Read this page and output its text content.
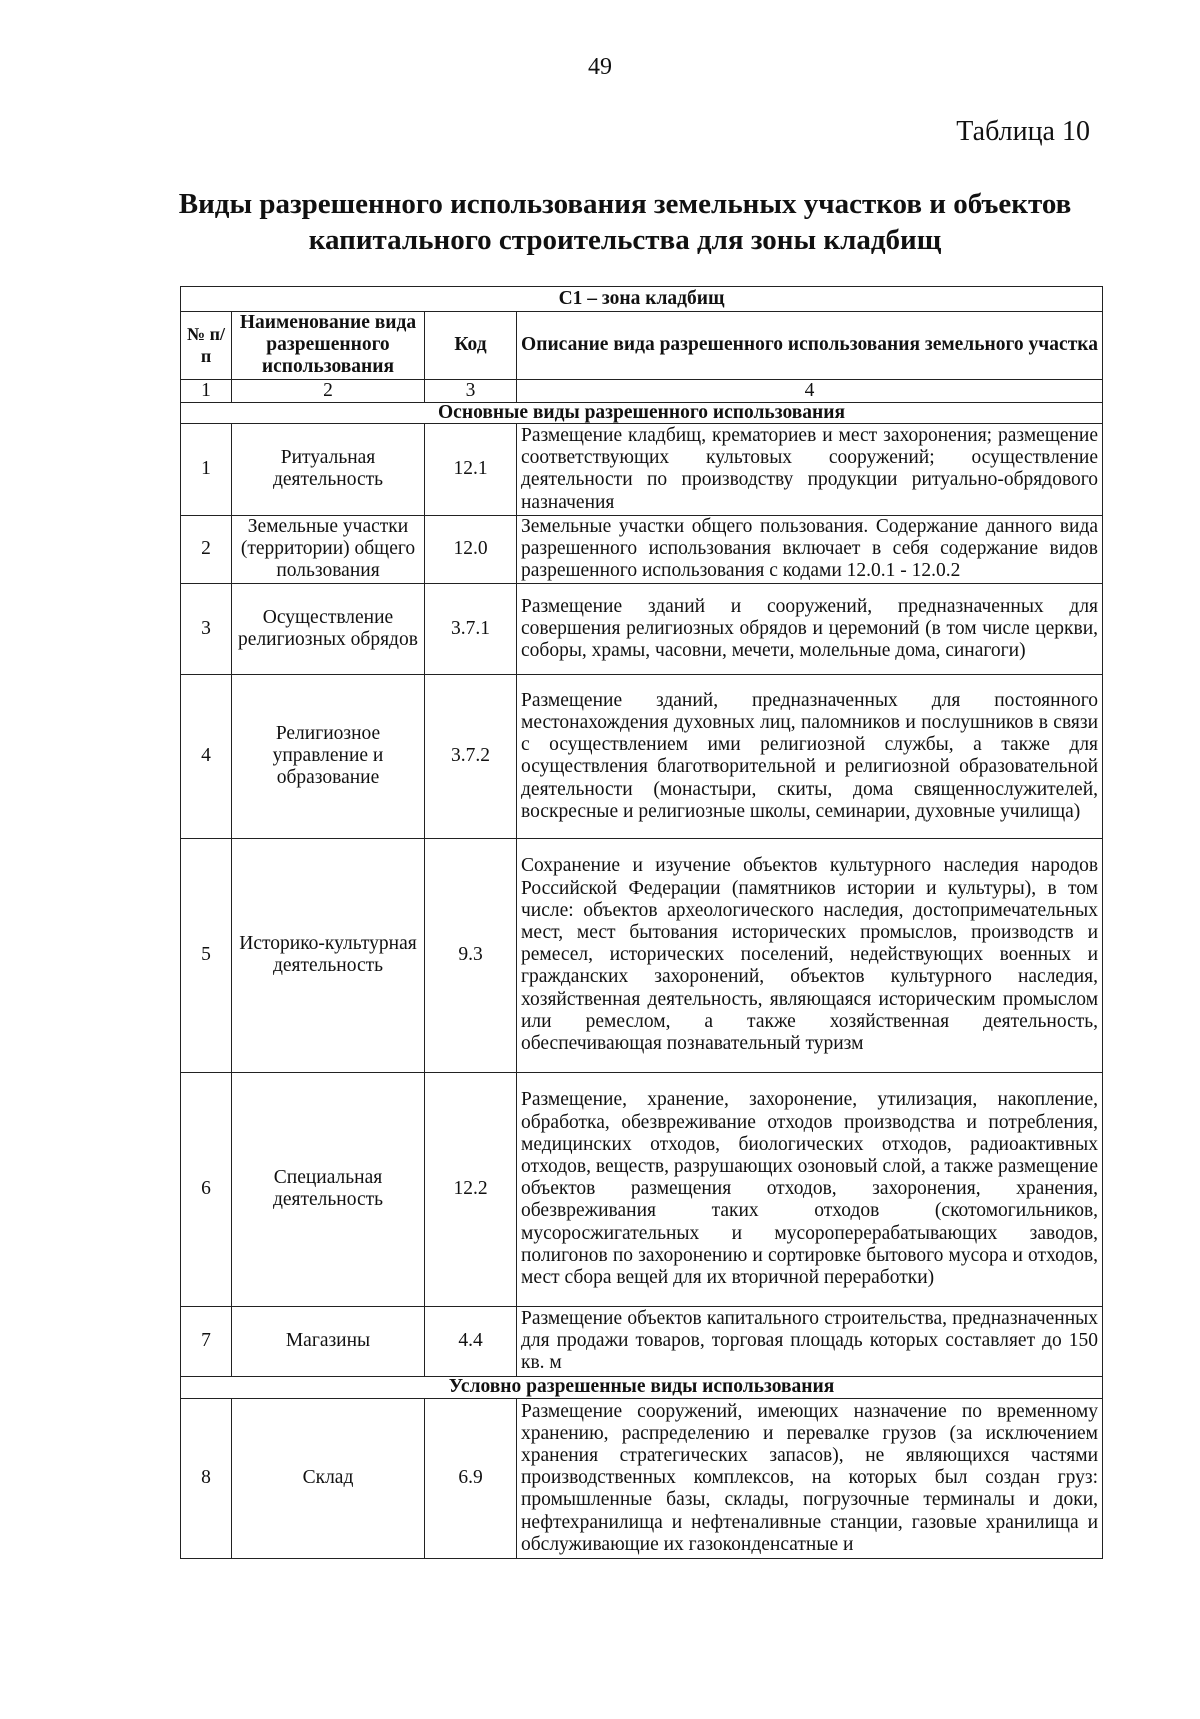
49
Таблица 10
Виды разрешенного использования земельных участков и объектов
капитального строительства для зоны кладбищ
С1 – зона кладбищ			
№ п/п	Наименование вида разрешенного использования	Код	Описание вида разрешенного использования земельного участка
1	2	3	4
Основные виды разрешенного использования			
1	Ритуальная деятельность	12.1	Размещение кладбищ, крематориев и мест захоронения; размещение соответствующих культовых сооружений; осуществление деятельности по производству продукции ритуально-обрядового назначения
2	Земельные участки (территории) общего пользования	12.0	Земельные участки общего пользования. Содержание данного вида разрешенного использования включает в себя содержание видов разрешенного использования с кодами 12.0.1 - 12.0.2
3	Осуществление религиозных обрядов	3.7.1	Размещение зданий и сооружений, предназначенных для совершения религиозных обрядов и церемоний (в том числе церкви, соборы, храмы, часовни, мечети, молельные дома, синагоги)
4	Религиозное управление и образование	3.7.2	Размещение зданий, предназначенных для постоянного местонахождения духовных лиц, паломников и послушников в связи с осуществлением ими религиозной службы, а также для осуществления благотворительной и религиозной образовательной деятельности (монастыри, скиты, дома священнослужителей, воскресные и религиозные школы, семинарии, духовные училища)
5	Историко-культурная деятельность	9.3	Сохранение и изучение объектов культурного наследия народов Российской Федерации (памятников истории и культуры), в том числе: объектов археологического наследия, достопримечательных мест, мест бытования исторических промыслов, производств и ремесел, исторических поселений, недействующих военных и гражданских захоронений, объектов культурного наследия, хозяйственная деятельность, являющаяся историческим промыслом или ремеслом, а также хозяйственная деятельность, обеспечивающая познавательный туризм
6	Специальная деятельность	12.2	Размещение, хранение, захоронение, утилизация, накопление, обработка, обезвреживание отходов производства и потребления, медицинских отходов, биологических отходов, радиоактивных отходов, веществ, разрушающих озоновый слой, а также размещение объектов размещения отходов, захоронения, хранения, обезвреживания таких отходов (скотомогильников, мусоросжигательных и мусороперерабатывающих заводов, полигонов по захоронению и сортировке бытового мусора и отходов, мест сбора вещей для их вторичной переработки)
7	Магазины	4.4	Размещение объектов капитального строительства, предназначенных для продажи товаров, торговая площадь которых составляет до 150 кв. м
Условно разрешенные виды использования			
8	Склад	6.9	Размещение сооружений, имеющих назначение по временному хранению, распределению и перевалке грузов (за исключением хранения стратегических запасов), не являющихся частями производственных комплексов, на которых был создан груз: промышленные базы, склады, погрузочные терминалы и доки, нефтехранилища и нефтеналивные станции, газовые хранилища и обслуживающие их газоконденсатные и
